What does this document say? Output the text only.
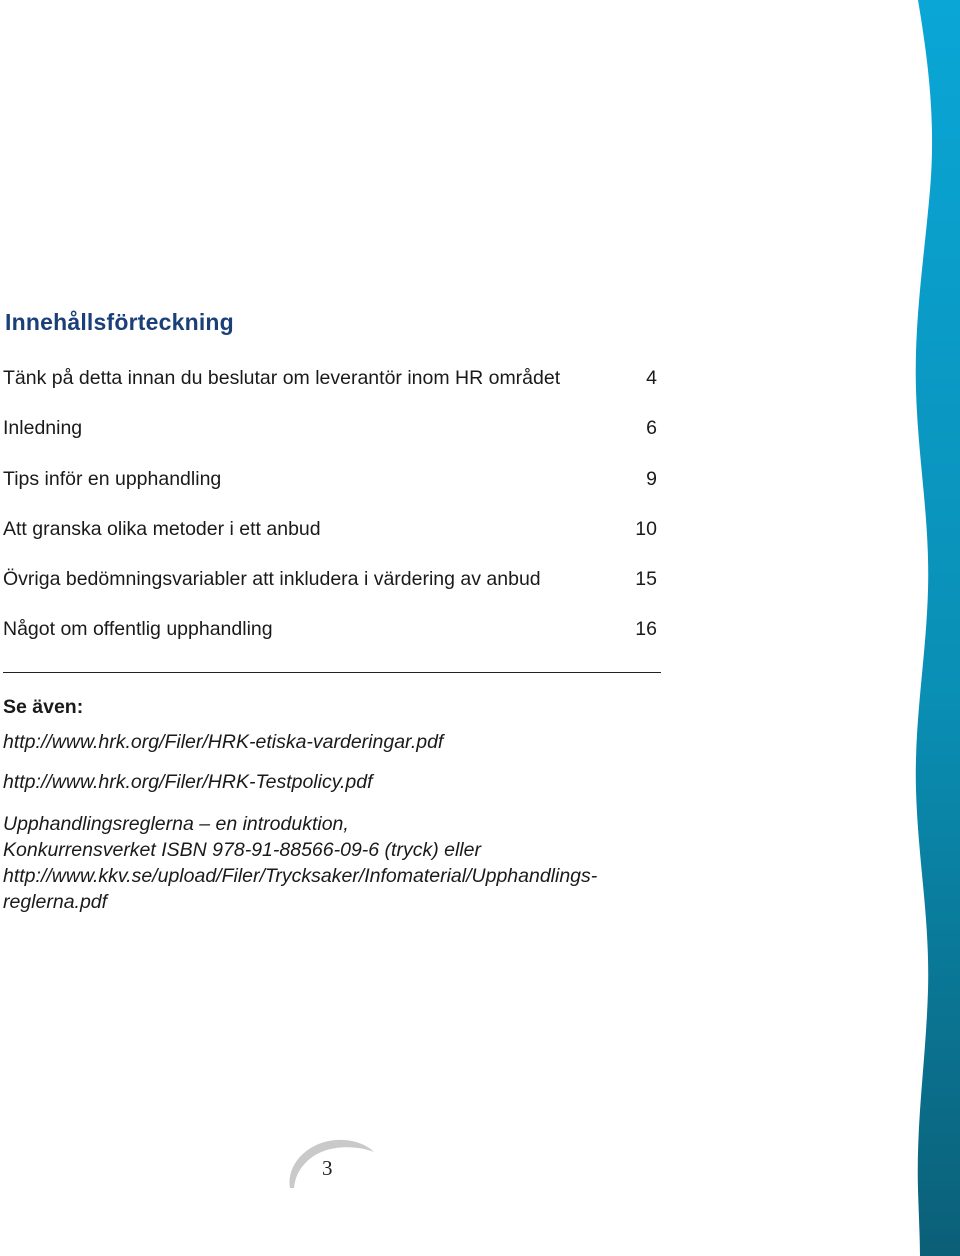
Innehållsförteckning
Tänk på detta innan du beslutar om leverantör inom HR området	4
Inledning	6
Tips inför en upphandling	9
Att granska olika metoder i ett anbud	10
Övriga bedömningsvariabler att inkludera i värdering av anbud	15
Något om offentlig upphandling	16
Se även:

http://www.hrk.org/Filer/HRK-etiska-varderingar.pdf

http://www.hrk.org/Filer/HRK-Testpolicy.pdf

Upphandlingsreglerna – en introduktion,
Konkurrensverket ISBN 978-91-88566-09-6 (tryck) eller
http://www.kkv.se/upload/Filer/Trycksaker/Infomaterial/Upphandlings-
reglerna.pdf
3
